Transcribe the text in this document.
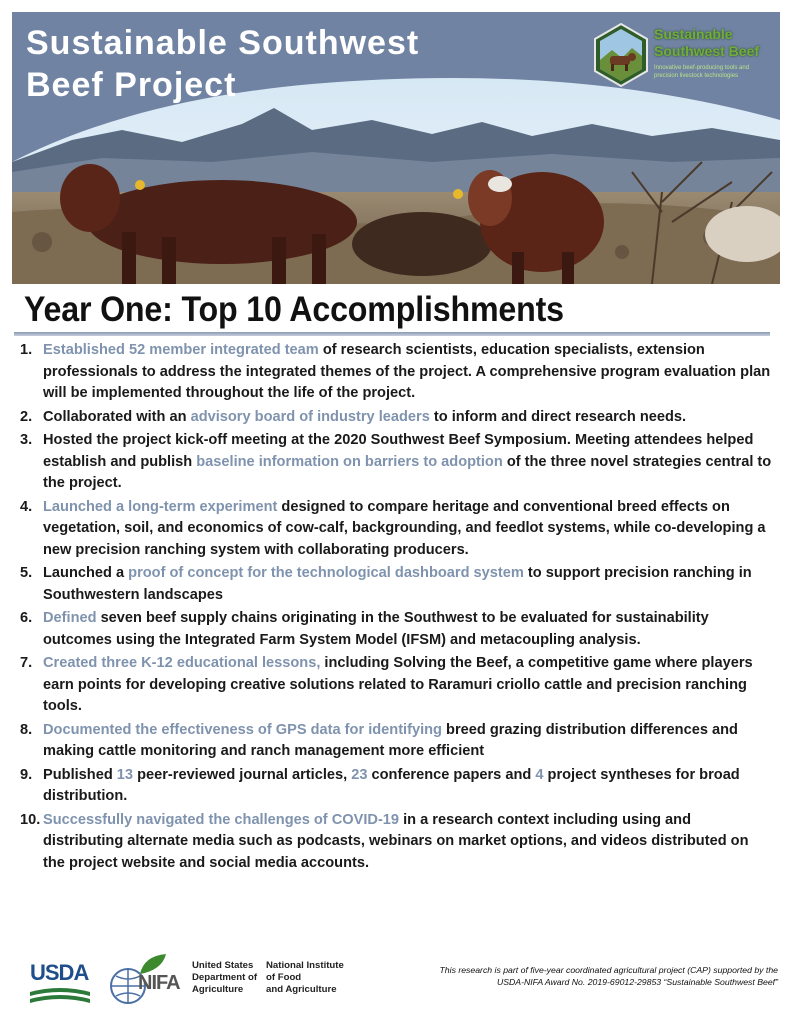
Sustainable Southwest
Beef Project
Sustainable
Southwest Beef
Innovative beef-producing tools and precision livestock technologies
Year One: Top 10 Accomplishments
1. Established 52 member integrated team of research scientists, education specialists, extension professionals to address the integrated themes of the project. A comprehensive program evaluation plan will be implemented throughout the life of the project.
2. Collaborated with an advisory board of industry leaders to inform and direct research needs.
3. Hosted the project kick-off meeting at the 2020 Southwest Beef Symposium. Meeting attendees helped establish and publish baseline information on barriers to adoption of the three novel strategies central to the project.
4. Launched a long-term experiment designed to compare heritage and conventional breed effects on vegetation, soil, and economics of cow-calf, backgrounding, and feedlot systems, while co-developing a new precision ranching system with collaborating producers.
5. Launched a proof of concept for the technological dashboard system to support precision ranching in Southwestern landscapes
6. Defined seven beef supply chains originating in the Southwest to be evaluated for sustainability outcomes using the Integrated Farm System Model (IFSM) and metacoupling analysis.
7. Created three K-12 educational lessons, including Solving the Beef, a competitive game where players earn points for developing creative solutions related to Raramuri criollo cattle and precision ranching tools.
8. Documented the effectiveness of GPS data for identifying breed grazing distribution differences and making cattle monitoring and ranch management more efficient
9. Published 13 peer-reviewed journal articles, 23 conference papers and 4 project syntheses for broad distribution.
10. Successfully navigated the challenges of COVID-19 in a research context including using and distributing alternate media such as podcasts, webinars on market options, and videos distributed on the project website and social media accounts.
USDA NIFA
United States
Department of
Agriculture
National Institute
of Food
and Agriculture
This research is part of five-year coordinated agricultural project (CAP) supported by the
USDA-NIFA Award No. 2019-69012-29853 “Sustainable Southwest Beef”
